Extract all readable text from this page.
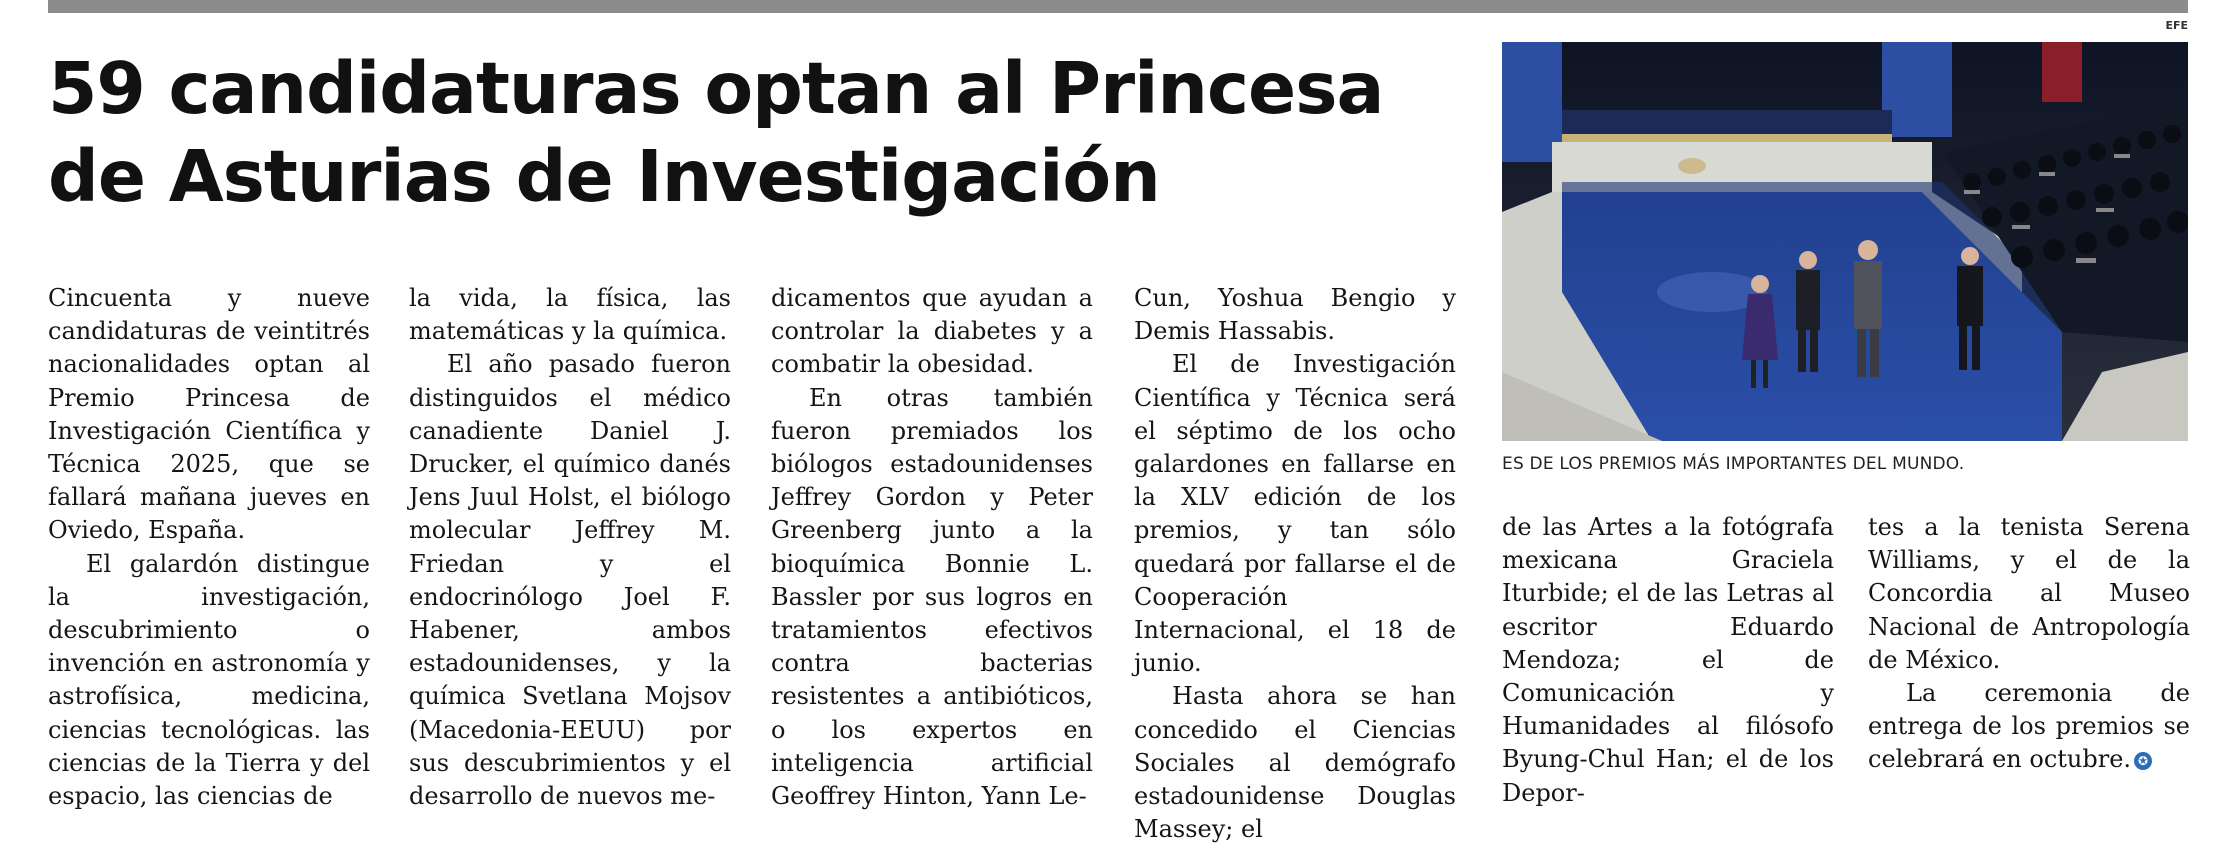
59 candidaturas optan al Princesa
de Asturias de Investigación

Cincuenta y nueve candidaturas de veintitrés nacionalidades optan al Premio Princesa de Investigación Científica y Técnica 2025, que se fallará mañana jueves en Oviedo, España.

El galardón distingue la investigación, descubrimiento o invención en astronomía y astrofísica, medicina, ciencias tecnológicas. las ciencias de la Tierra y del espacio, las ciencias de

la vida, la física, las matemáticas y la química.

El año pasado fueron distinguidos el médico canadiente Daniel J. Drucker, el químico danés Jens Juul Holst, el biólogo molecular Jeffrey M. Friedan y el endocrinólogo Joel F. Habener, ambos estadounidenses, y la química Svetlana Mojsov (Macedonia-EEUU) por sus descubrimientos y el desarrollo de nuevos me-

dicamentos que ayudan a controlar la diabetes y a combatir la obesidad.

En otras también fueron premiados los biólogos estadounidenses Jeffrey Gordon y Peter Greenberg junto a la bioquímica Bonnie L. Bassler por sus logros en tratamientos efectivos contra bacterias resistentes a antibióticos, o los expertos en inteligencia artificial Geoffrey Hinton, Yann Le-

Cun, Yoshua Bengio y Demis Hassabis.

El de Investigación Científica y Técnica será el séptimo de los ocho galardones en fallarse en la XLV edición de los premios, y tan sólo quedará por fallarse el de Cooperación Internacional, el 18 de junio.

Hasta ahora se han concedido el Ciencias Sociales al demógrafo estadounidense Douglas Massey; el

EFE
ES DE LOS PREMIOS MÁS IMPORTANTES DEL MUNDO.

de las Artes a la fotógrafa mexicana Graciela Iturbide; el de las Letras al escritor Eduardo Mendoza; el de Comunicación y Humanidades al filósofo Byung-Chul Han; el de los Depor-

tes a la tenista Serena Williams, y el de la Concordia al Museo Nacional de Antropología de México.

La ceremonia de entrega de los premios se celebrará en octubre. ✪
